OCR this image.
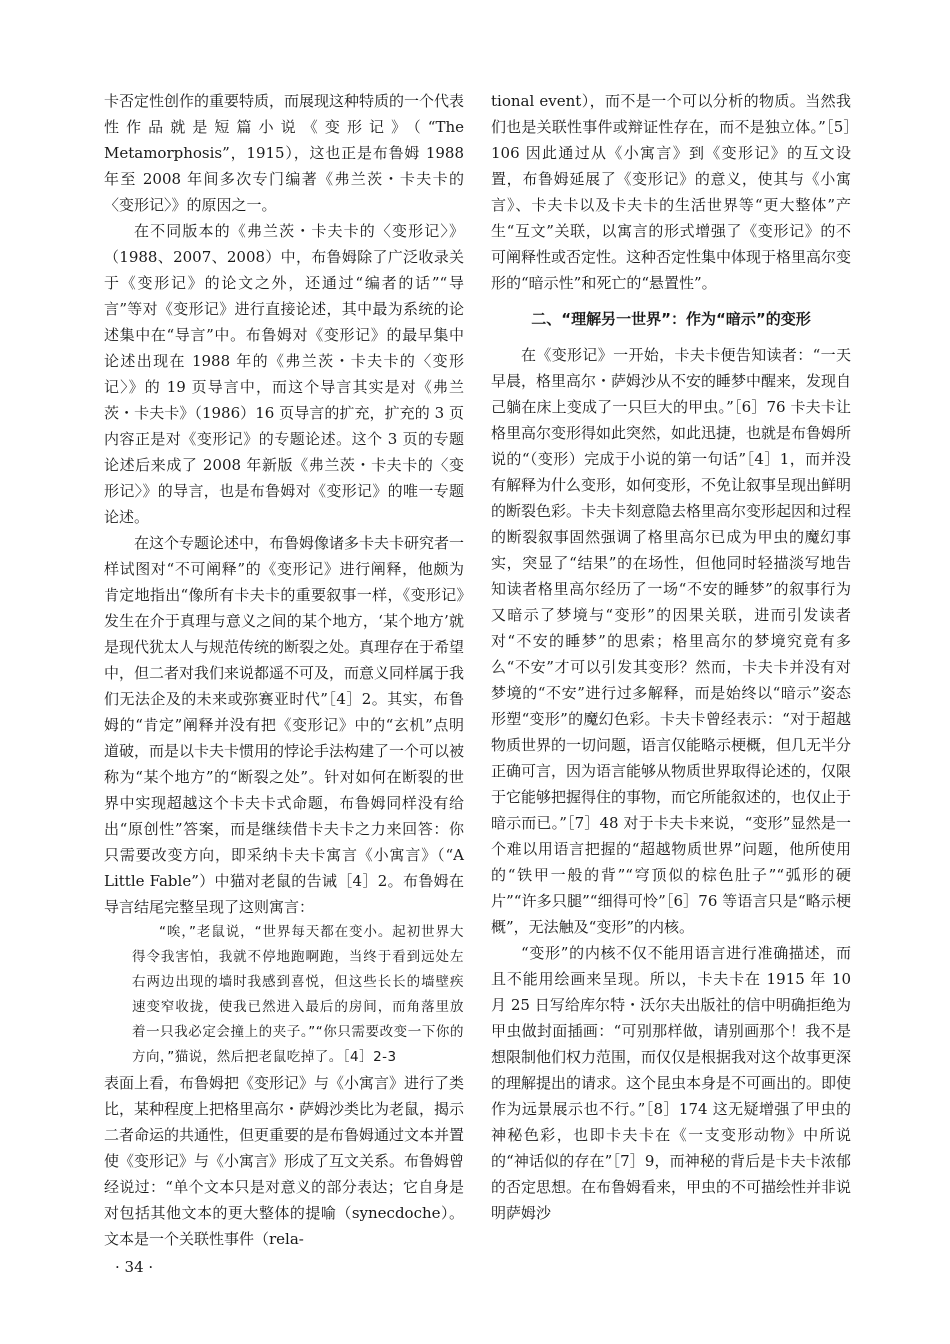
卡否定性创作的重要特质，而展现这种特质的一个代表性作品就是短篇小说《变形记》（“The Metamorphosis”，1915），这也正是布鲁姆 1988 年至 2008 年间多次专门编著《弗兰茨・卡夫卡的〈变形记〉》的原因之一。

在不同版本的《弗兰茨・卡夫卡的〈变形记〉》（1988、2007、2008）中，布鲁姆除了广泛收录关于《变形记》的论文之外，还通过“编者的话”“导言”等对《变形记》进行直接论述，其中最为系统的论述集中在“导言”中。布鲁姆对《变形记》的最早集中论述出现在 1988 年的《弗兰茨・卡夫卡的〈变形记〉》的 19 页导言中，而这个导言其实是对《弗兰茨・卡夫卡》（1986）16 页导言的扩充，扩充的 3 页内容正是对《变形记》的专题论述。这个 3 页的专题论述后来成了 2008 年新版《弗兰茨・卡夫卡的〈变形记〉》的导言，也是布鲁姆对《变形记》的唯一专题论述。

在这个专题论述中，布鲁姆像诸多卡夫卡研究者一样试图对“不可阐释”的《变形记》进行阐释，他颇为肯定地指出“像所有卡夫卡的重要叙事一样，《变形记》发生在介于真理与意义之间的某个地方，‘某个地方’就是现代犹太人与规范传统的断裂之处。真理存在于希望中，但二者对我们来说都遥不可及，而意义同样属于我们无法企及的未来或弥赛亚时代”［4］2。其实，布鲁姆的“肯定”阐释并没有把《变形记》中的“玄机”点明道破，而是以卡夫卡惯用的悖论手法构建了一个可以被称为“某个地方”的“断裂之处”。针对如何在断裂的世界中实现超越这个卡夫卡式命题，布鲁姆同样没有给出“原创性”答案，而是继续借卡夫卡之力来回答：你只需要改变方向，即采纳卡夫卡寓言《小寓言》（“A Little Fable”）中猫对老鼠的告诫［4］2。布鲁姆在导言结尾完整呈现了这则寓言：

“唉，”老鼠说，“世界每天都在变小。起初世界大得令我害怕，我就不停地跑啊跑，当终于看到远处左右两边出现的墙时我感到喜悦，但这些长长的墙壁疾速变窄收拢，使我已然进入最后的房间，而角落里放着一只我必定会撞上的夹子。”“你只需要改变一下你的方向，”猫说，然后把老鼠吃掉了。［4］2-3

表面上看，布鲁姆把《变形记》与《小寓言》进行了类比，某种程度上把格里高尔・萨姆沙类比为老鼠，揭示二者命运的共通性，但更重要的是布鲁姆通过文本并置使《变形记》与《小寓言》形成了互文关系。布鲁姆曾经说过：“单个文本只是对意义的部分表达；它自身是对包括其他文本的更大整体的提喻（synecdoche）。文本是一个关联性事件（rela-

tional event），而不是一个可以分析的物质。当然我们也是关联性事件或辩证性存在，而不是独立体。”［5］106 因此通过从《小寓言》到《变形记》的互文设置，布鲁姆延展了《变形记》的意义，使其与《小寓言》、卡夫卡以及卡夫卡的生活世界等“更大整体”产生“互文”关联，以寓言的形式增强了《变形记》的不可阐释性或否定性。这种否定性集中体现于格里高尔变形的“暗示性”和死亡的“悬置性”。

二、“理解另一世界”：作为“暗示”的变形

在《变形记》一开始，卡夫卡便告知读者：“一天早晨，格里高尔・萨姆沙从不安的睡梦中醒来，发现自己躺在床上变成了一只巨大的甲虫。”［6］76 卡夫卡让格里高尔变形得如此突然，如此迅捷，也就是布鲁姆所说的“（变形）完成于小说的第一句话”［4］1，而并没有解释为什么变形，如何变形，不免让叙事呈现出鲜明的断裂色彩。卡夫卡刻意隐去格里高尔变形起因和过程的断裂叙事固然强调了格里高尔已成为甲虫的魔幻事实，突显了“结果”的在场性，但他同时轻描淡写地告知读者格里高尔经历了一场“不安的睡梦”的叙事行为又暗示了梦境与“变形”的因果关联，进而引发读者对“不安的睡梦”的思索；格里高尔的梦境究竟有多么“不安”才可以引发其变形？然而，卡夫卡并没有对梦境的“不安”进行过多解释，而是始终以“暗示”姿态形塑“变形”的魔幻色彩。卡夫卡曾经表示：“对于超越物质世界的一切问题，语言仅能略示梗概，但几无半分正确可言，因为语言能够从物质世界取得论述的，仅限于它能够把握得住的事物，而它所能叙述的，也仅止于暗示而已。”［7］48 对于卡夫卡来说，“变形”显然是一个难以用语言把握的“超越物质世界”问题，他所使用的“铁甲一般的背”“穹顶似的棕色肚子”“弧形的硬片”“许多只腿”“细得可怜”［6］76 等语言只是“略示梗概”，无法触及“变形”的内核。

“变形”的内核不仅不能用语言进行准确描述，而且不能用绘画来呈现。所以，卡夫卡在 1915 年 10 月 25 日写给库尔特・沃尔夫出版社的信中明确拒绝为甲虫做封面插画：“可别那样做，请别画那个！我不是想限制他们权力范围，而仅仅是根据我对这个故事更深的理解提出的请求。这个昆虫本身是不可画出的。即使作为远景展示也不行。”［8］174 这无疑增强了甲虫的神秘色彩，也即卡夫卡在《一支变形动物》中所说的“神话似的存在”［7］9，而神秘的背后是卡夫卡浓郁的否定思想。在布鲁姆看来，甲虫的不可描绘性并非说明萨姆沙

· 34 ·
